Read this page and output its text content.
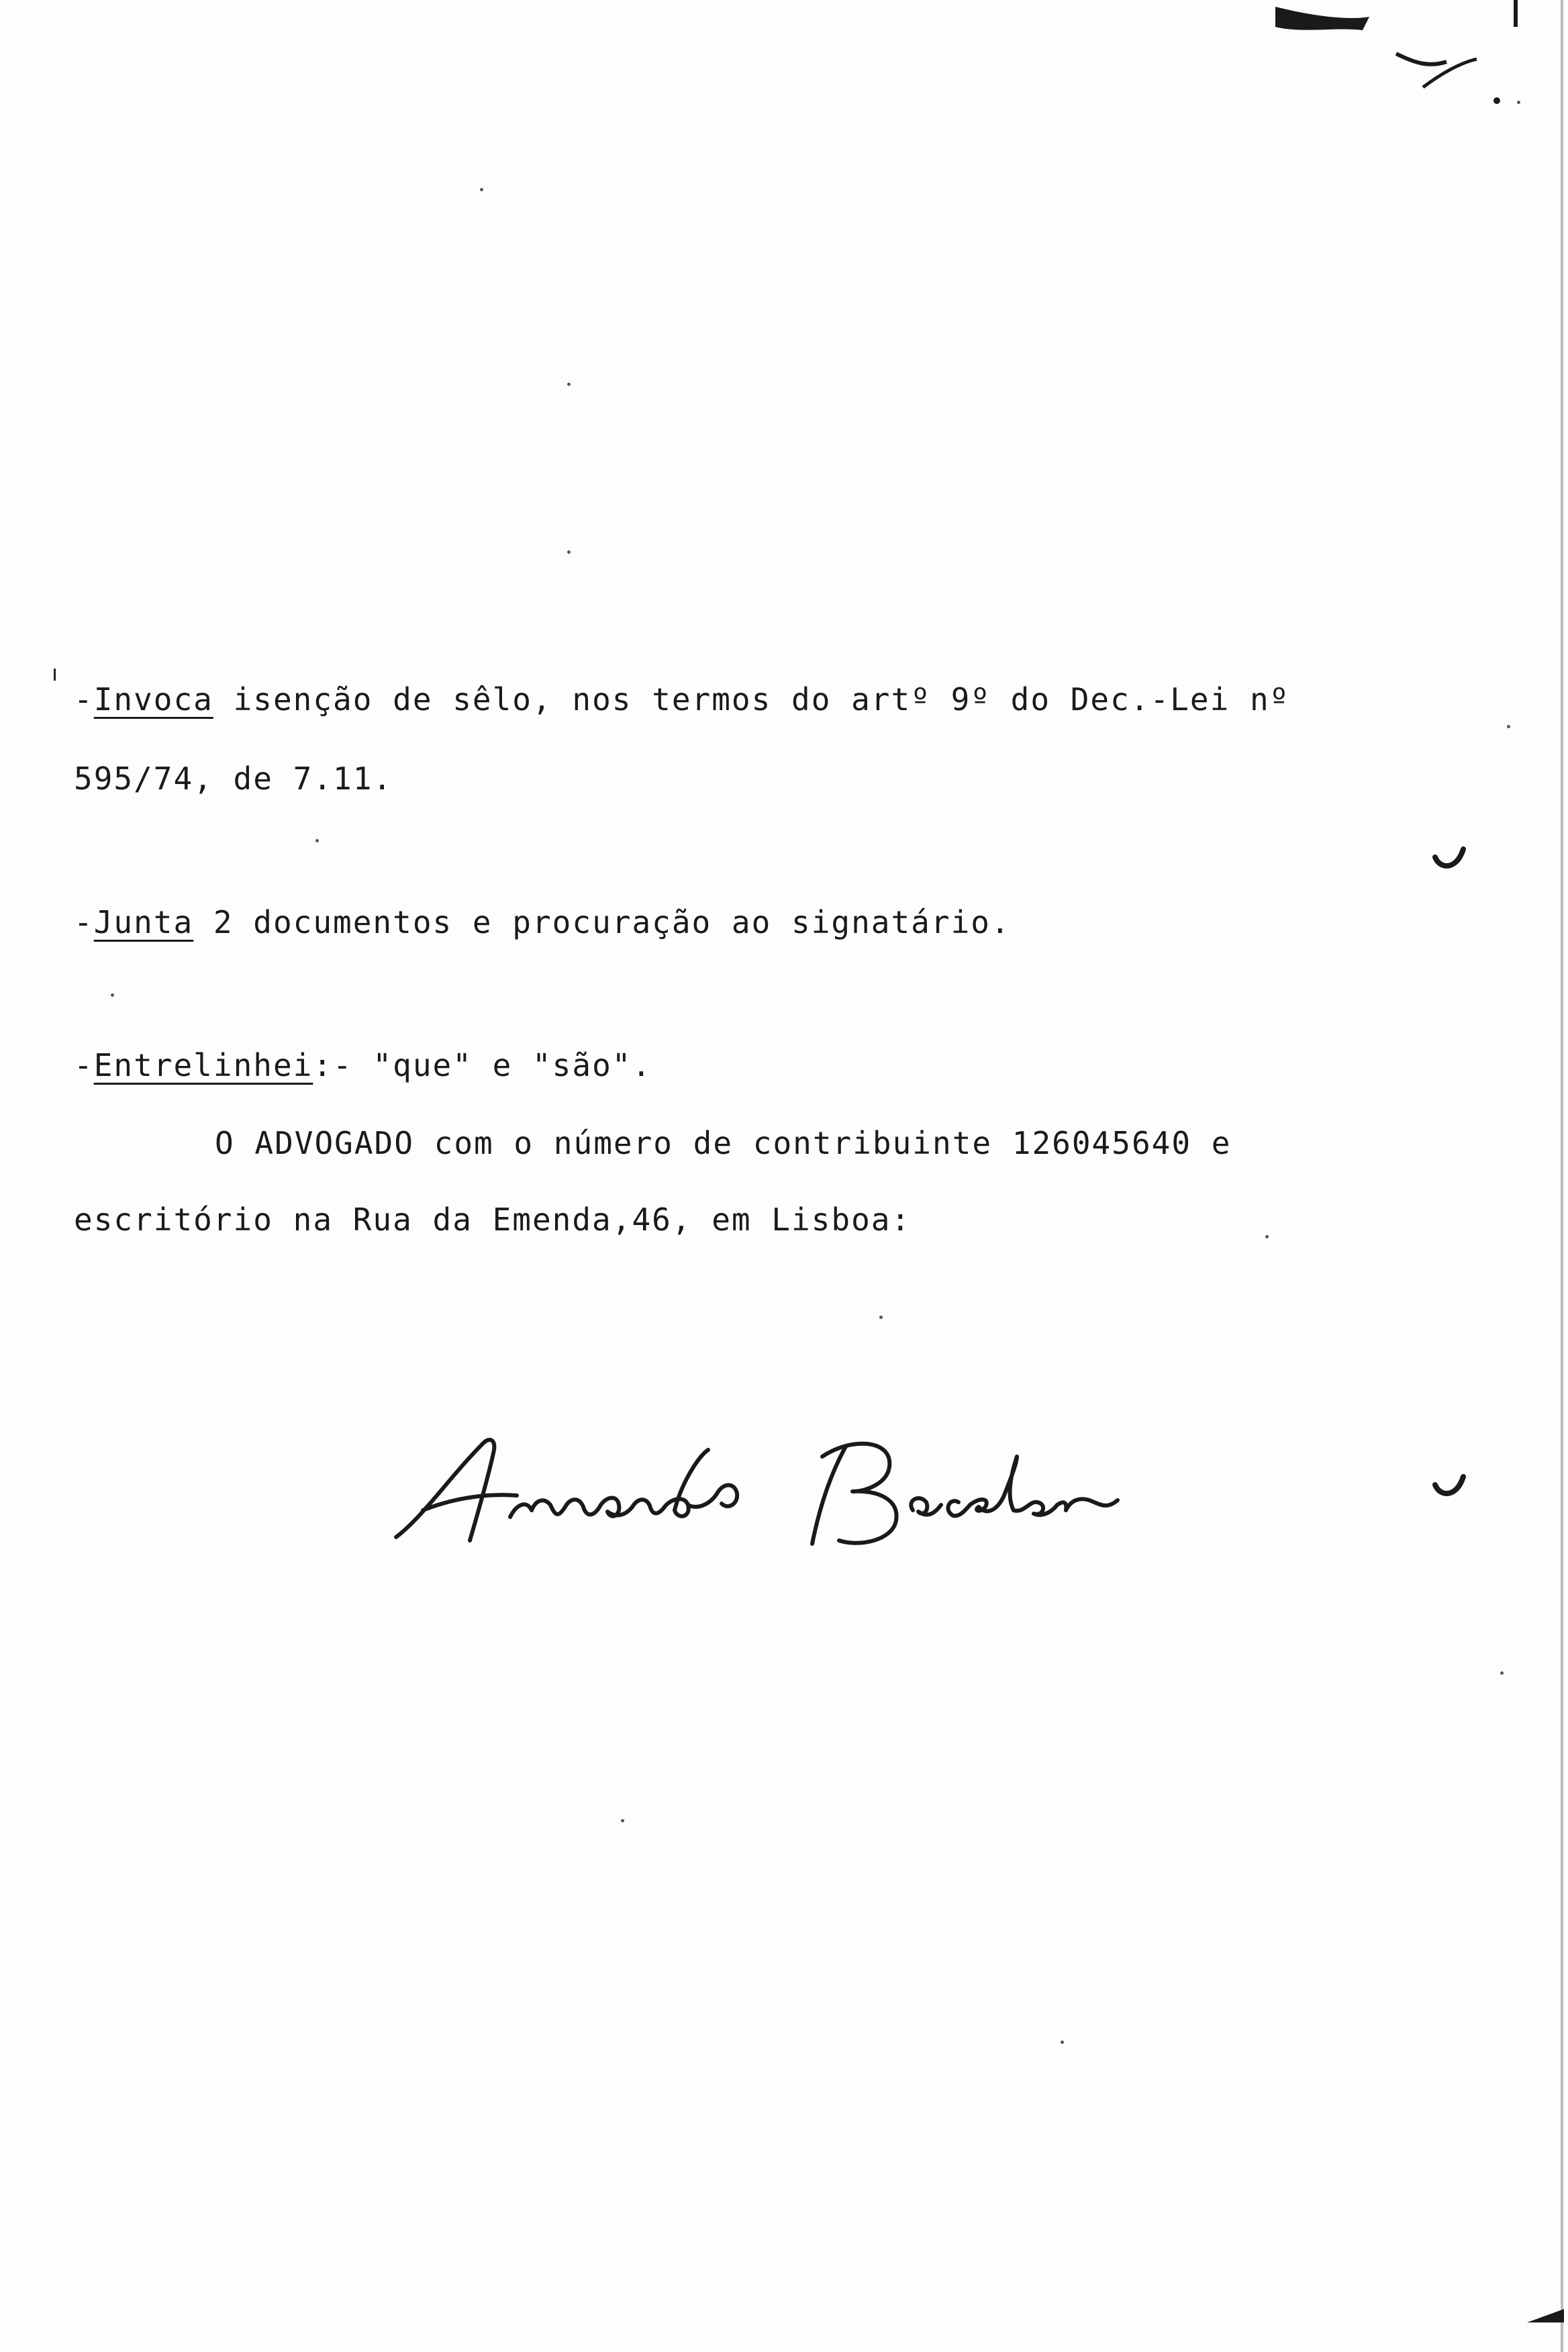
-Invoca isenção de sêlo, nos termos do artº 9º do Dec.-Lei nº
595/74, de 7.11.
-Junta 2 documentos e procuração ao signatário.
-Entrelinhei:- "que" e "são".
O ADVOGADO com o número de contribuinte 126045640 e
escritório na Rua da Emenda,46, em Lisboa:
